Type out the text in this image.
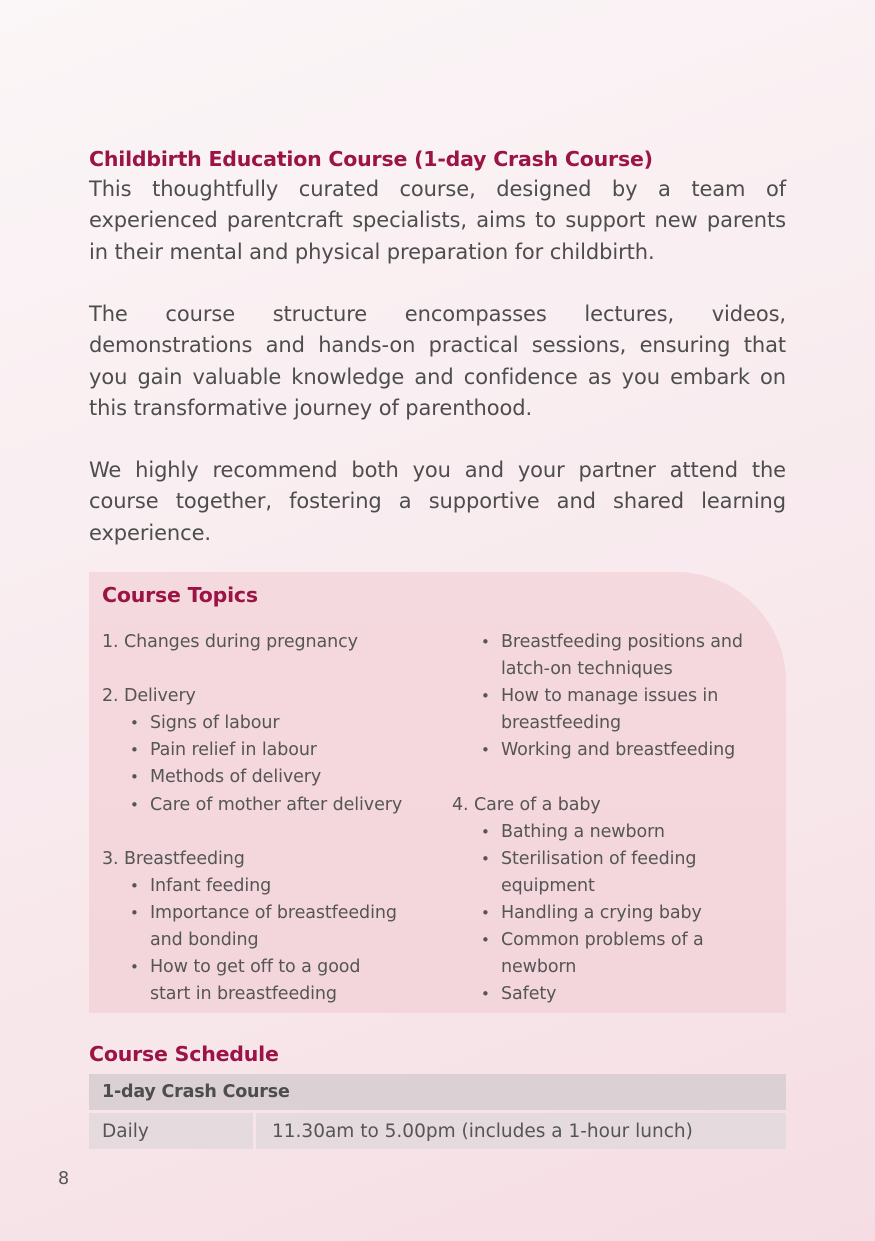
Childbirth Education Course (1-day Crash Course)
This thoughtfully curated course, designed by a team of experienced parentcraft specialists, aims to support new parents in their mental and physical preparation for childbirth.
The course structure encompasses lectures, videos, demonstrations and hands-on practical sessions, ensuring that you gain valuable knowledge and confidence as you embark on this transformative journey of parenthood.
We highly recommend both you and your partner attend the course together, fostering a supportive and shared learning experience.
Course Topics
1. Changes during pregnancy
2. Delivery
• Signs of labour
• Pain relief in labour
• Methods of delivery
• Care of mother after delivery
3. Breastfeeding
• Infant feeding
• Importance of breastfeeding and bonding
• How to get off to a good start in breastfeeding
• Breastfeeding positions and latch-on techniques
• How to manage issues in breastfeeding
• Working and breastfeeding
4. Care of a baby
• Bathing a newborn
• Sterilisation of feeding equipment
• Handling a crying baby
• Common problems of a newborn
• Safety
Course Schedule
1-day Crash Course
Daily	11.30am to 5.00pm (includes a 1-hour lunch)
8
